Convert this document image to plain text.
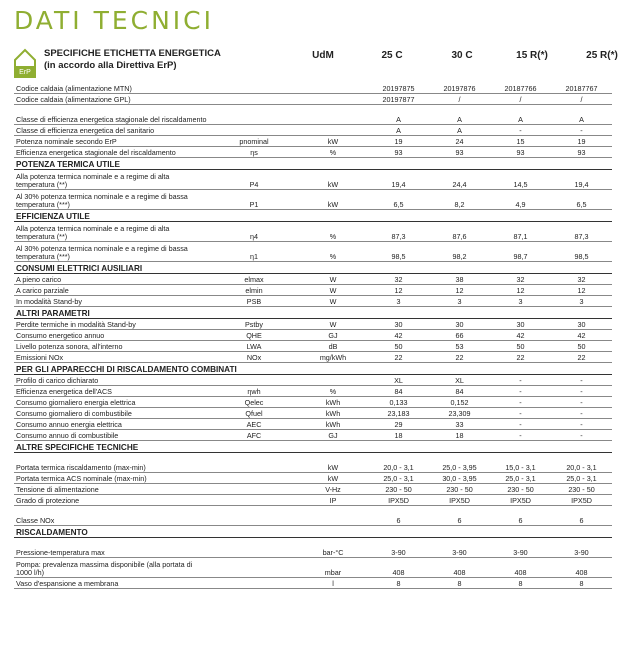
DATI TECNICI
ErP
SPECIFICHE ETICHETTA ENERGETICA
(in accordo alla Direttiva ErP)
UdM	25 C	30 C	15 R(*)	25 R(*)
Codice caldaia (alimentazione MTN)			20197875	20197876	20187766	20187767
Codice caldaia (alimentazione GPL)			20197877	/	/	/
Classe di efficienza energetica stagionale del riscaldamento			A	A	A	A
Classe di efficienza energetica del sanitario			A	A	-	-
Potenza nominale secondo ErP	pnominal	kW	19	24	15	19
Efficienza energetica stagionale del riscaldamento	ηs	%	93	93	93	93
POTENZA TERMICA UTILE						
Alla potenza termica nominale e a regime di alta temperatura (**)	P4	kW	19,4	24,4	14,5	19,4
Al 30% potenza termica nominale e a regime di bassa temperatura (***)	P1	kW	6,5	8,2	4,9	6,5
EFFICIENZA UTILE						
Alla potenza termica nominale e a regime di alta temperatura (**)	η4	%	87,3	87,6	87,1	87,3
Al 30% potenza termica nominale e a regime di bassa temperatura (***)	η1	%	98,5	98,2	98,7	98,5
CONSUMI ELETTRICI AUSILIARI						
A pieno carico	elmax	W	32	38	32	32
A carico parziale	elmin	W	12	12	12	12
In modalità Stand-by	PSB	W	3	3	3	3
ALTRI PARAMETRI						
Perdite termiche in modalità Stand-by	Pstby	W	30	30	30	30
Consumo energetico annuo	QHE	GJ	42	66	42	42
Livello potenza sonora, all'interno	LWA	dB	50	53	50	50
Emissioni NOx	NOx	mg/kWh	22	22	22	22
PER GLI APPARECCHI DI RISCALDAMENTO COMBINATI						
Profilo di carico dichiarato			XL	XL	-	-
Efficienza energetica dell'ACS	ηwh	%	84	84	-	-
Consumo giornaliero energia elettrica	Qelec	kWh	0,133	0,152	-	-
Consumo giornaliero di combustibile	Qfuel	kWh	23,183	23,309	-	-
Consumo annuo energia elettrica	AEC	kWh	29	33	-	-
Consumo annuo di combustibile	AFC	GJ	18	18	-	-
ALTRE SPECIFICHE TECNICHE						
Portata termica riscaldamento (max-min)		kW	20,0 - 3,1	25,0 - 3,95	15,0 - 3,1	20,0 - 3,1
Portata termica ACS nominale (max-min)		kW	25,0 - 3,1	30,0 - 3,95	25,0 - 3,1	25,0 - 3,1
Tensione di alimentazione		V-Hz	230 - 50	230 - 50	230 - 50	230 - 50
Grado di protezione		IP	IPX5D	IPX5D	IPX5D	IPX5D
Classe NOx			6	6	6	6
RISCALDAMENTO						
Pressione-temperatura max		bar-°C	3-90	3-90	3-90	3-90
Pompa: prevalenza massima disponibile (alla portata di 1000 l/h)		mbar	408	408	408	408
Vaso d'espansione a membrana		l	8	8	8	8
